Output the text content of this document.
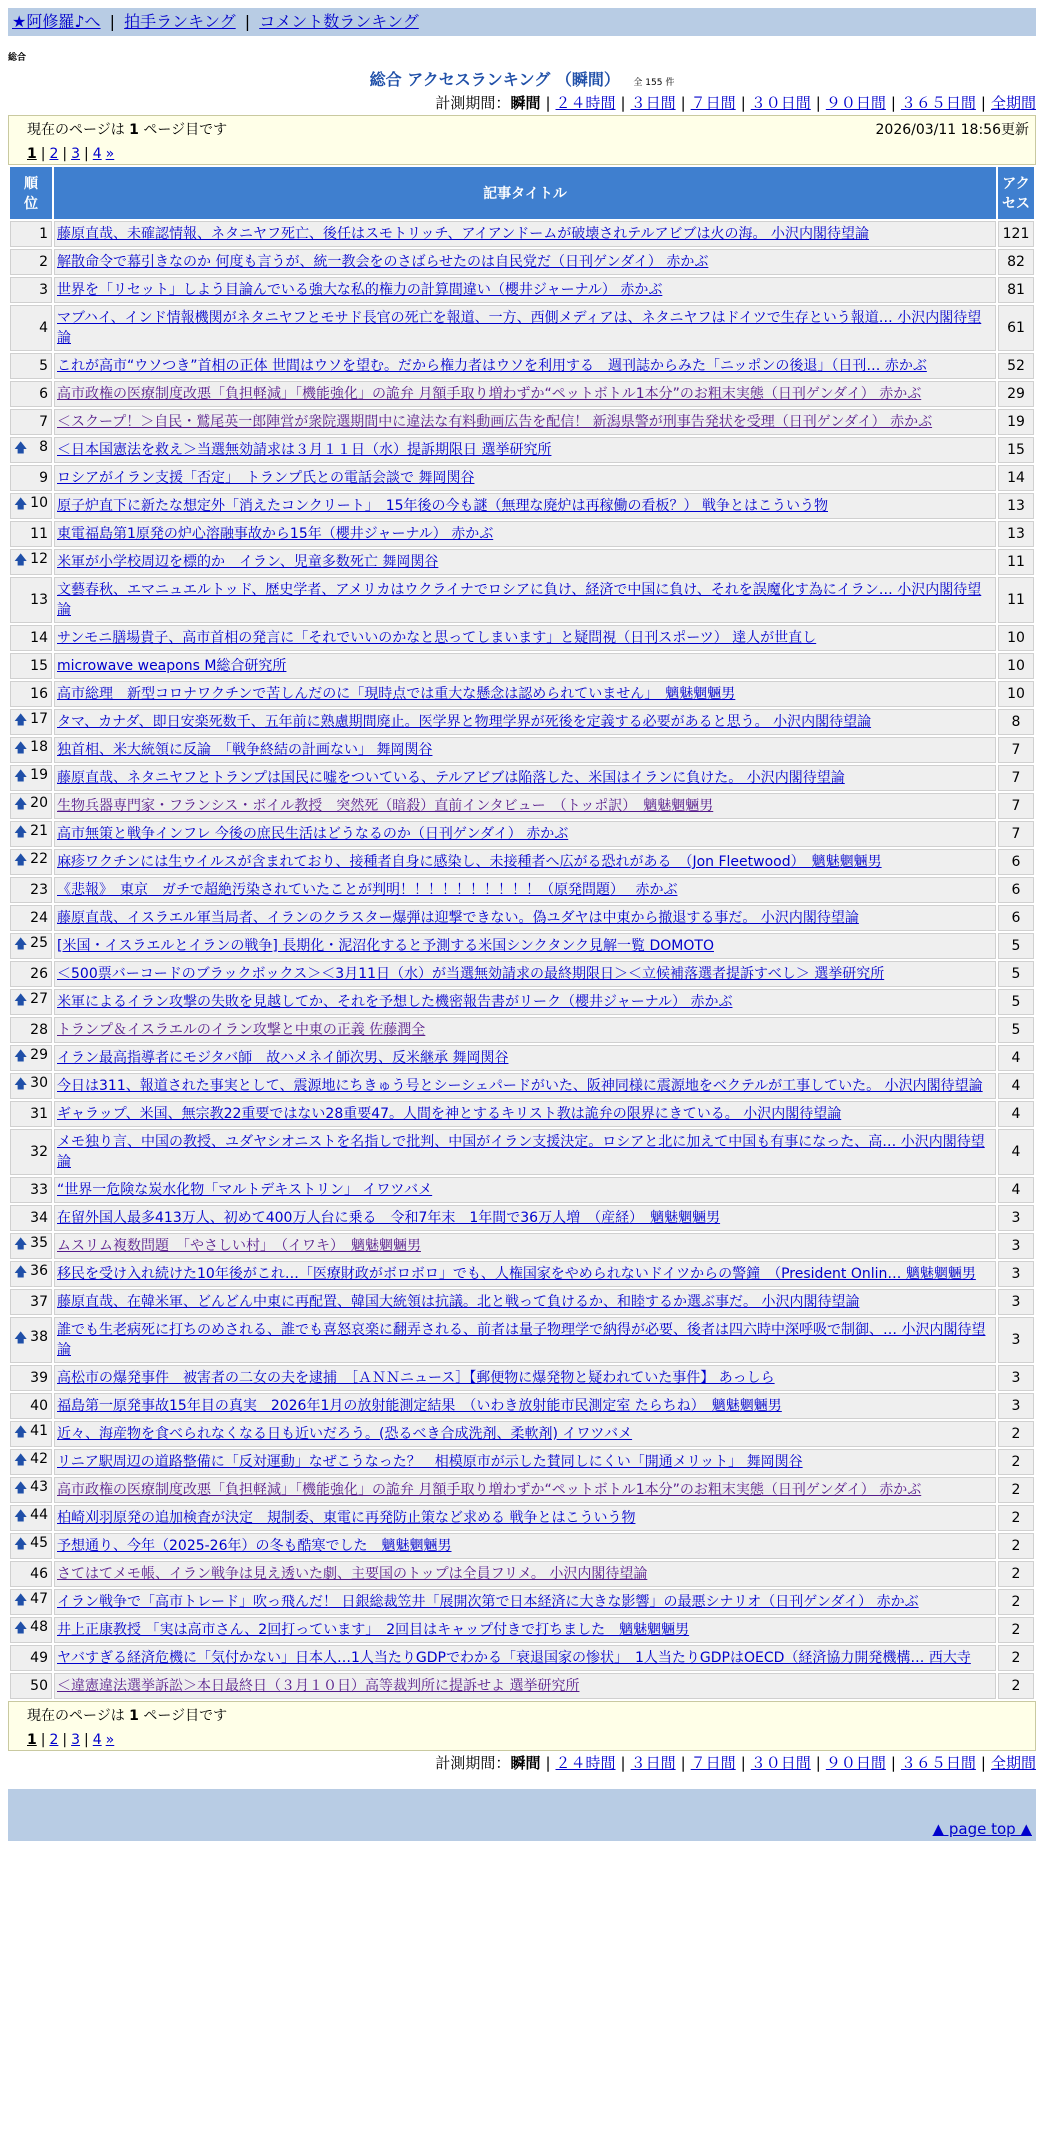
★阿修羅♪へ | 拍手ランキング | コメント数ランキング
総合
総合 アクセスランキング （瞬間） 全 155 件
計測期間：瞬間 | ２４時間 | ３日間 | ７日間 | ３０日間 | ９０日間 | ３６５日間 | 全期間
現在のページは 1 ページ目です	2026/03/11 18:56更新
1 | 2 | 3 | 4 »
順位	記事タイトル	アクセス
1	藤原直哉、未確認情報、ネタニヤフ死亡、後任はスモトリッチ、アイアンドームが破壊されテルアビブは火の海。 小沢内閣待望論	121
2	解散命令で幕引きなのか 何度も言うが、統一教会をのさばらせたのは自民党だ（日刊ゲンダイ） 赤かぶ	82
3	世界を「リセット」しよう目論んでいる強大な私的権力の計算間違い（櫻井ジャーナル） 赤かぶ	81
4	マブハイ、インド情報機関がネタニヤフとモサド長官の死亡を報道、一方、西側メディアは、ネタニヤフはドイツで生存という報道… 小沢内閣待望論	61
5	これが高市“ウソつき”首相の正体 世間はウソを望む。だから権力者はウソを利用する　週刊誌からみた「ニッポンの後退」（日刊… 赤かぶ	52
6	高市政権の医療制度改悪「負担軽減」「機能強化」の詭弁 月額手取り増わずか“ペットボトル1本分”のお粗末実態（日刊ゲンダイ） 赤かぶ	29
7	＜スクープ！＞自民・鷲尾英一郎陣営が衆院選期間中に違法な有料動画広告を配信！ 新潟県警が刑事告発状を受理（日刊ゲンダイ） 赤かぶ	19

🡅 8	＜日本国憲法を救え＞当選無効請求は３月１１日（水）提訴期限日 選挙研究所	15
9	ロシアがイラン支援「否定」　トランプ氏との電話会談で 舞岡関谷	14

🡅 10	原子炉直下に新たな想定外「消えたコンクリート」　15年後の今も謎（無理な廃炉は再稼働の看板？） 戦争とはこういう物	13
11	東電福島第1原発の炉心溶融事故から15年（櫻井ジャーナル） 赤かぶ	13

🡅 12	米軍が小学校周辺を標的か　イラン、児童多数死亡 舞岡関谷	11
13	文藝春秋、エマニュエルトッド、歴史学者、アメリカはウクライナでロシアに負け、経済で中国に負け、それを誤魔化す為にイラン… 小沢内閣待望論	11
14	サンモニ膳場貴子、高市首相の発言に「それでいいのかなと思ってしまいます」と疑問視（日刊スポーツ） 達人が世直し	10
15	microwave weapons M総合研究所	10
16	高市総理　新型コロナワクチンで苦しんだのに「現時点では重大な懸念は認められていません」　魑魅魍魎男	10

🡅 17	タマ、カナダ、即日安楽死数千、五年前に熟慮期間廃止。医学界と物理学界が死後を定義する必要があると思う。 小沢内閣待望論	8

🡅 18	独首相、米大統領に反論　「戦争終結の計画ない」 舞岡関谷	7

🡅 19	藤原直哉、ネタニヤフとトランプは国民に嘘をついている、テルアビブは陥落した、米国はイランに負けた。 小沢内閣待望論	7

🡅 20	生物兵器専門家・フランシス・ボイル教授　突然死（暗殺）直前インタビュー　（トッポ訳）　魑魅魍魎男	7

🡅 21	高市無策と戦争インフレ 今後の庶民生活はどうなるのか（日刊ゲンダイ） 赤かぶ	7

🡅 22	麻疹ワクチンには生ウイルスが含まれており、接種者自身に感染し、未接種者へ広がる恐れがある　（Jon Fleetwood）　魑魅魍魎男	6
23	《悲報》　東京　ガチで超絶汚染されていたことが判明！！！！！！！！！！（原発問題）　 赤かぶ	6
24	藤原直哉、イスラエル軍当局者、イランのクラスター爆弾は迎撃できない。偽ユダヤは中東から撤退する事だ。 小沢内閣待望論	6

🡅 25	[米国・イスラエルとイランの戦争] 長期化・泥沼化すると予測する米国シンクタンク見解一覧 DOMOTO	5
26	＜500票バーコードのブラックボックス＞＜3月11日（水）が当選無効請求の最終期限日＞＜立候補落選者提訴すべし＞ 選挙研究所	5

🡅 27	米軍によるイラン攻撃の失敗を見越してか、それを予想した機密報告書がリーク（櫻井ジャーナル） 赤かぶ	5
28	トランプ＆イスラエルのイラン攻撃と中東の正義 佐藤潤全	5

🡅 29	イラン最高指導者にモジタバ師　故ハメネイ師次男、反米継承 舞岡関谷	4

🡅 30	今日は311、報道された事実として、震源地にちきゅう号とシーシェパードがいた、阪神同様に震源地をベクテルが工事していた。 小沢内閣待望論	4
31	ギャラップ、米国、無宗教22重要ではない28重要47。人間を神とするキリスト教は詭弁の限界にきている。 小沢内閣待望論	4
32	メモ独り言、中国の教授、ユダヤシオニストを名指しで批判、中国がイラン支援決定。ロシアと北に加えて中国も有事になった、高… 小沢内閣待望論	4
33	“世界一危険な炭水化物「マルトデキストリン」 イワツバメ	4
34	在留外国人最多413万人、初めて400万人台に乗る　令和7年末　1年間で36万人増　（産経）　魑魅魍魎男	3

🡅 35	ムスリム複数問題　「やさしい村」　（イワキ）　魑魅魍魎男	3

🡅 36	移民を受け入れ続けた10年後がこれ…「医療財政がボロボロ」でも、人権国家をやめられないドイツからの警鐘　（President Onlin… 魑魅魍魎男	3
37	藤原直哉、在韓米軍、どんどん中東に再配置、韓国大統領は抗議。北と戦って負けるか、和睦するか選ぶ事だ。 小沢内閣待望論	3

🡅 38	誰でも生老病死に打ちのめされる、誰でも喜怒哀楽に翻弄される、前者は量子物理学で納得が必要、後者は四六時中深呼吸で制御、… 小沢内閣待望論	3
39	高松市の爆発事件　被害者の二女の夫を逮捕　［ＡＮＮニュース］【郵便物に爆発物と疑われていた事件】 あっしら	3
40	福島第一原発事故15年目の真実　2026年1月の放射能測定結果　（いわき放射能市民測定室 たらちね）　魑魅魍魎男	3

🡅 41	近々、海産物を食べられなくなる日も近いだろう。(恐るべき合成洗剤、柔軟剤) イワツバメ	2

🡅 42	リニア駅周辺の道路整備に「反対運動」なぜこうなった？　相模原市が示した賛同しにくい「開通メリット」 舞岡関谷	2

🡅 43	高市政権の医療制度改悪「負担軽減」「機能強化」の詭弁 月額手取り増わずか“ペットボトル1本分”のお粗末実態（日刊ゲンダイ） 赤かぶ	2

🡅 44	柏崎刈羽原発の追加検査が決定　規制委、東電に再発防止策など求める 戦争とはこういう物	2

🡅 45	予想通り、今年（2025-26年）の冬も酷寒でした　魑魅魍魎男	2
46	さてはてメモ帳、イラン戦争は見え透いた劇、主要国のトップは全員フリメ。 小沢内閣待望論	2

🡅 47	イラン戦争で「高市トレード」吹っ飛んだ！ 日銀総裁笠井「展開次第で日本経済に大きな影響」の最悪シナリオ（日刊ゲンダイ） 赤かぶ	2

🡅 48	井上正康教授 「実は高市さん、2回打っています」　2回目はキャップ付きで打ちました　魑魅魍魎男	2
49	ヤバすぎる経済危機に「気付かない」日本人…1人当たりGDPでわかる「衰退国家の惨状」　1人当たりGDPはOECD（経済協力開発機構… 西大寺	2
50	＜違憲違法選挙訴訟＞本日最終日（３月１０日）高等裁判所に提訴せよ 選挙研究所	2
現在のページは 1 ページ目です
1 | 2 | 3 | 4 »
計測期間：瞬間 | ２４時間 | ３日間 | ７日間 | ３０日間 | ９０日間 | ３６５日間 | 全期間
▲ page top ▲
